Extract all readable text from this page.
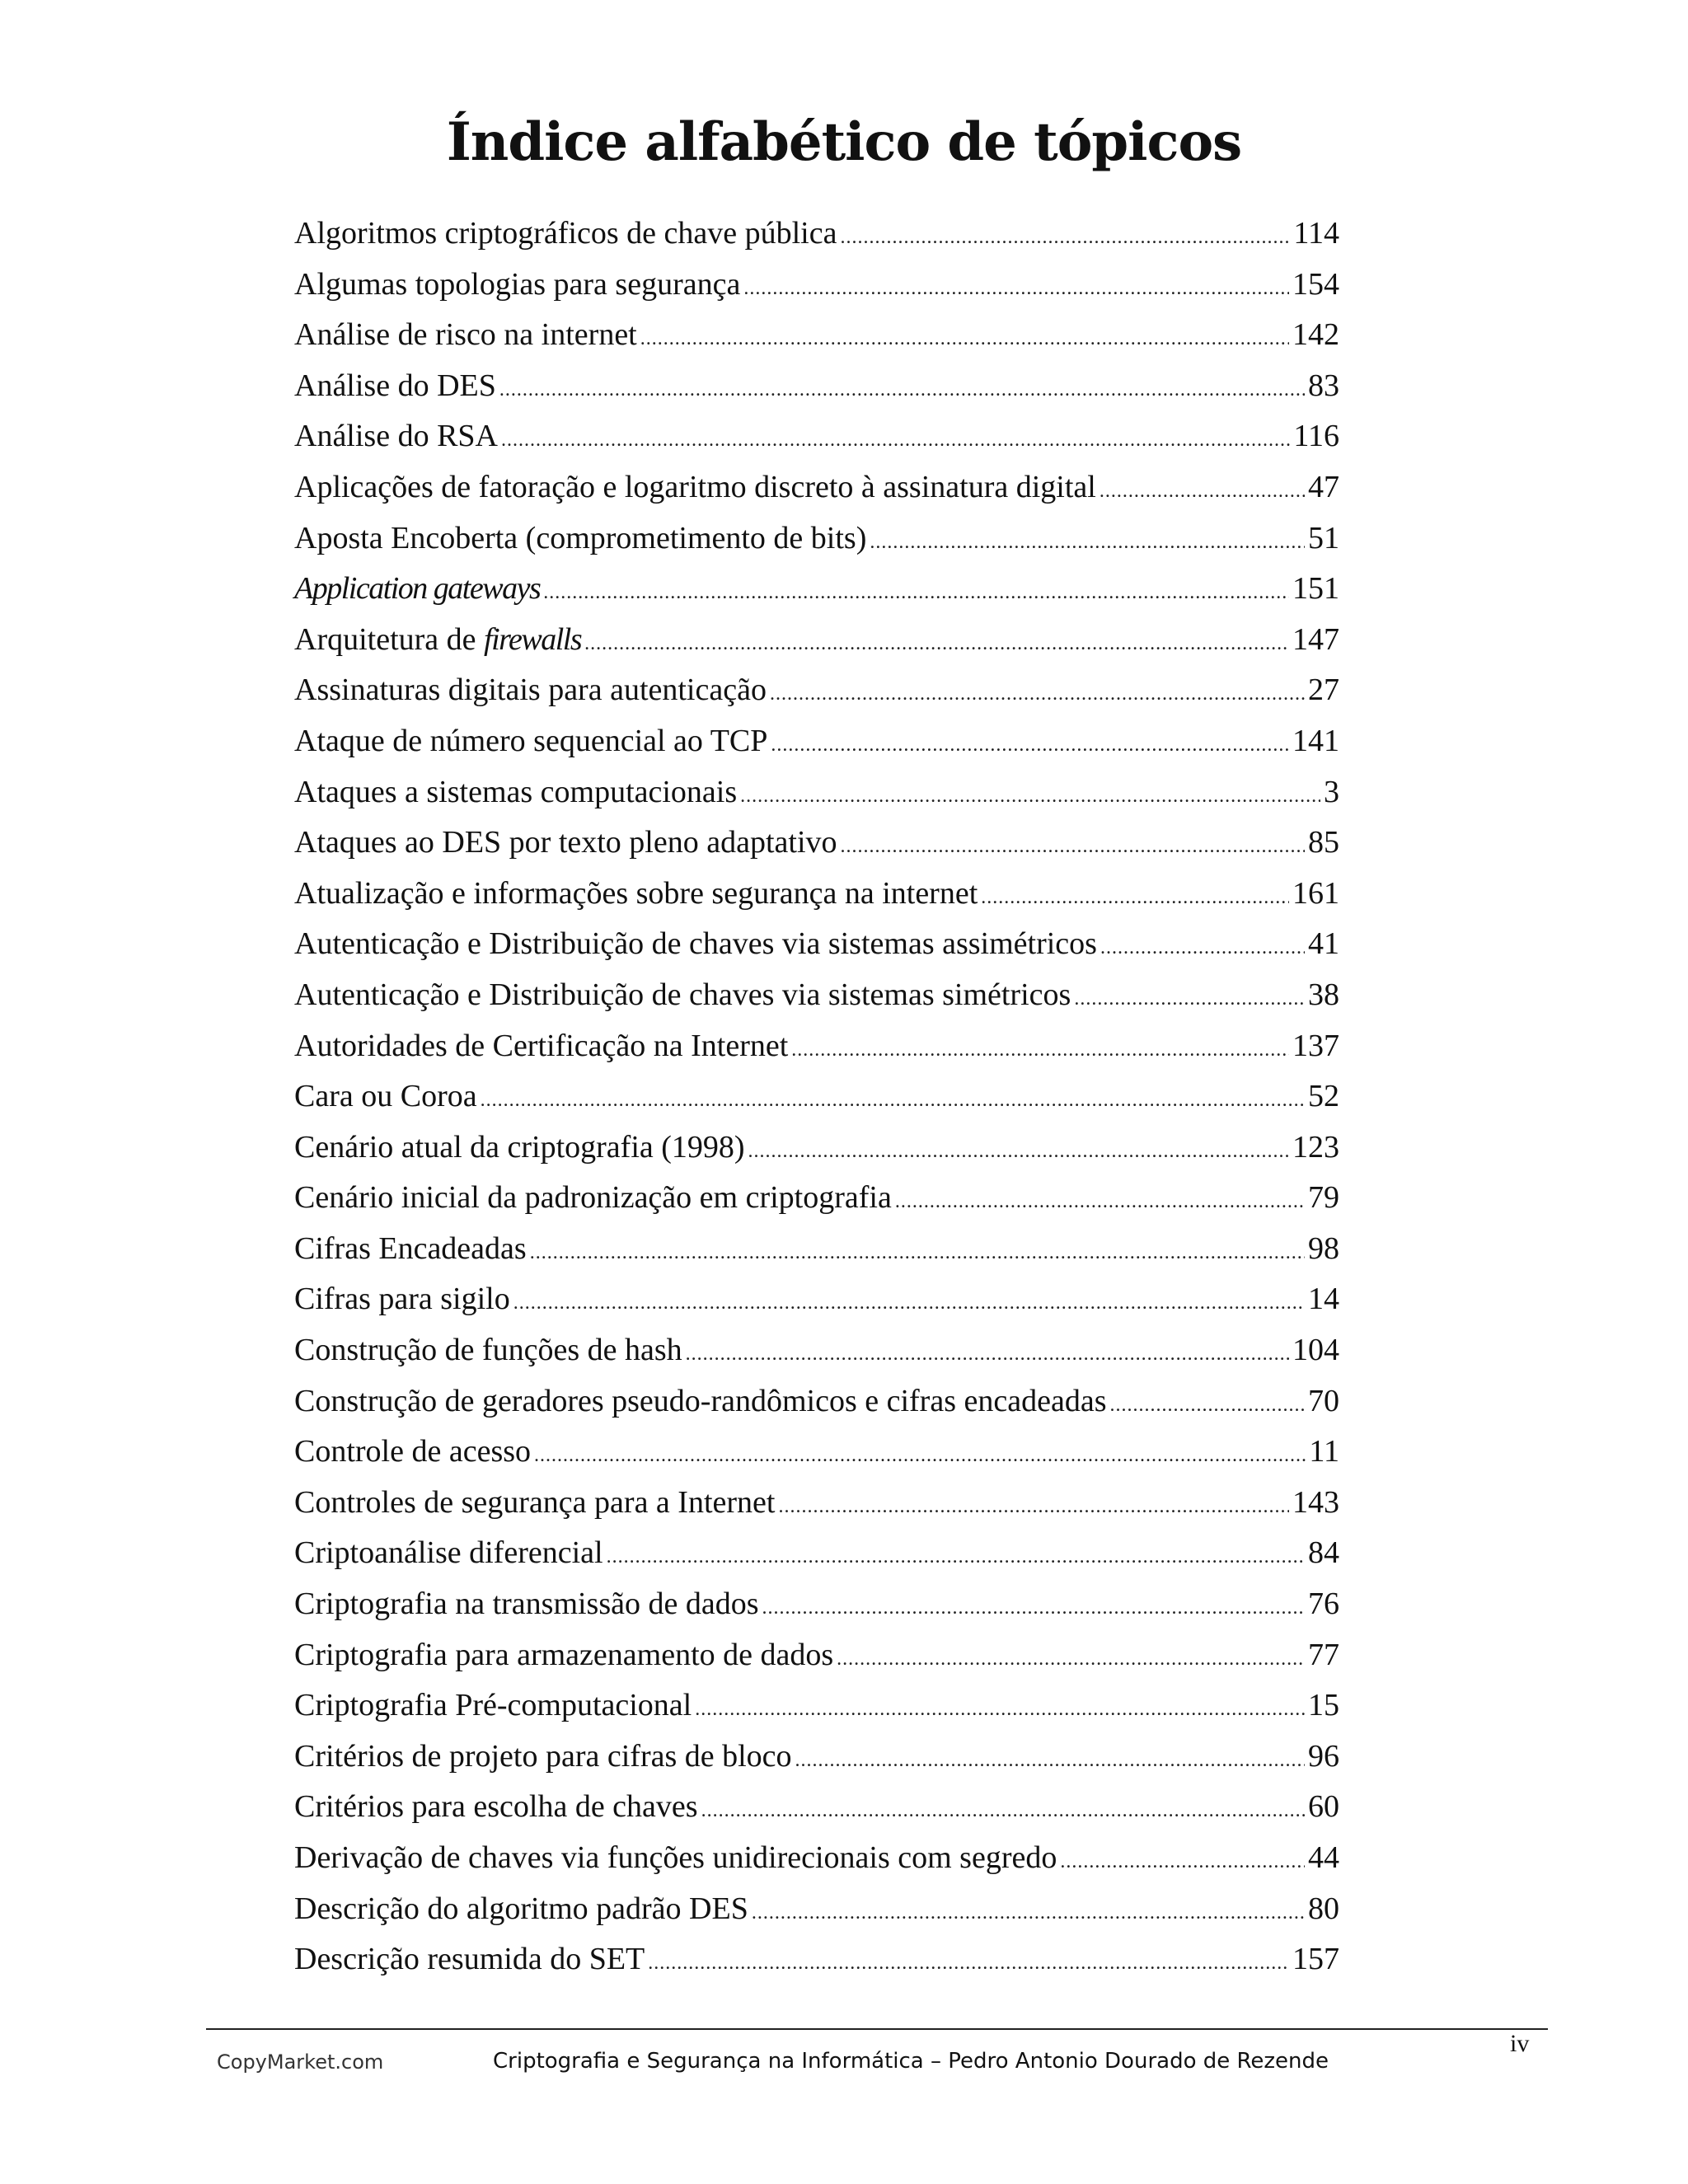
Índice alfabético de tópicos
Algoritmos criptográficos de chave pública .....	114
Algumas topologias para segurança .....	154
Análise de risco na internet .....	142
Análise do DES .....	83
Análise do RSA .....	116
Aplicações de fatoração e logaritmo discreto à assinatura digital .....	47
Aposta Encoberta (comprometimento de bits) .....	51
Application gateways .....	151
Arquitetura de firewalls .....	147
Assinaturas digitais para autenticação .....	27
Ataque de número sequencial ao TCP .....	141
Ataques a sistemas computacionais .....	3
Ataques ao DES por texto pleno adaptativo .....	85
Atualização e informações sobre segurança na internet .....	161
Autenticação e Distribuição de chaves via sistemas assimétricos .....	41
Autenticação e Distribuição de chaves via sistemas simétricos .....	38
Autoridades de Certificação na Internet .....	137
Cara ou Coroa .....	52
Cenário atual da criptografia (1998) .....	123
Cenário inicial da padronização em criptografia .....	79
Cifras Encadeadas .....	98
Cifras para sigilo .....	14
Construção de funções de hash .....	104
Construção de geradores pseudo-randômicos e cifras encadeadas .....	70
Controle de acesso .....	11
Controles de segurança para a Internet .....	143
Criptoanálise diferencial .....	84
Criptografia na transmissão de dados .....	76
Criptografia para armazenamento de dados .....	77
Criptografia Pré-computacional .....	15
Critérios de projeto para cifras de bloco .....	96
Critérios para escolha de chaves .....	60
Derivação de chaves via funções unidirecionais com segredo .....	44
Descrição do algoritmo padrão DES .....	80
Descrição resumida do SET .....	157
iv
CopyMarket.com	Criptografia e Segurança na Informática – Pedro Antonio Dourado de Rezende
